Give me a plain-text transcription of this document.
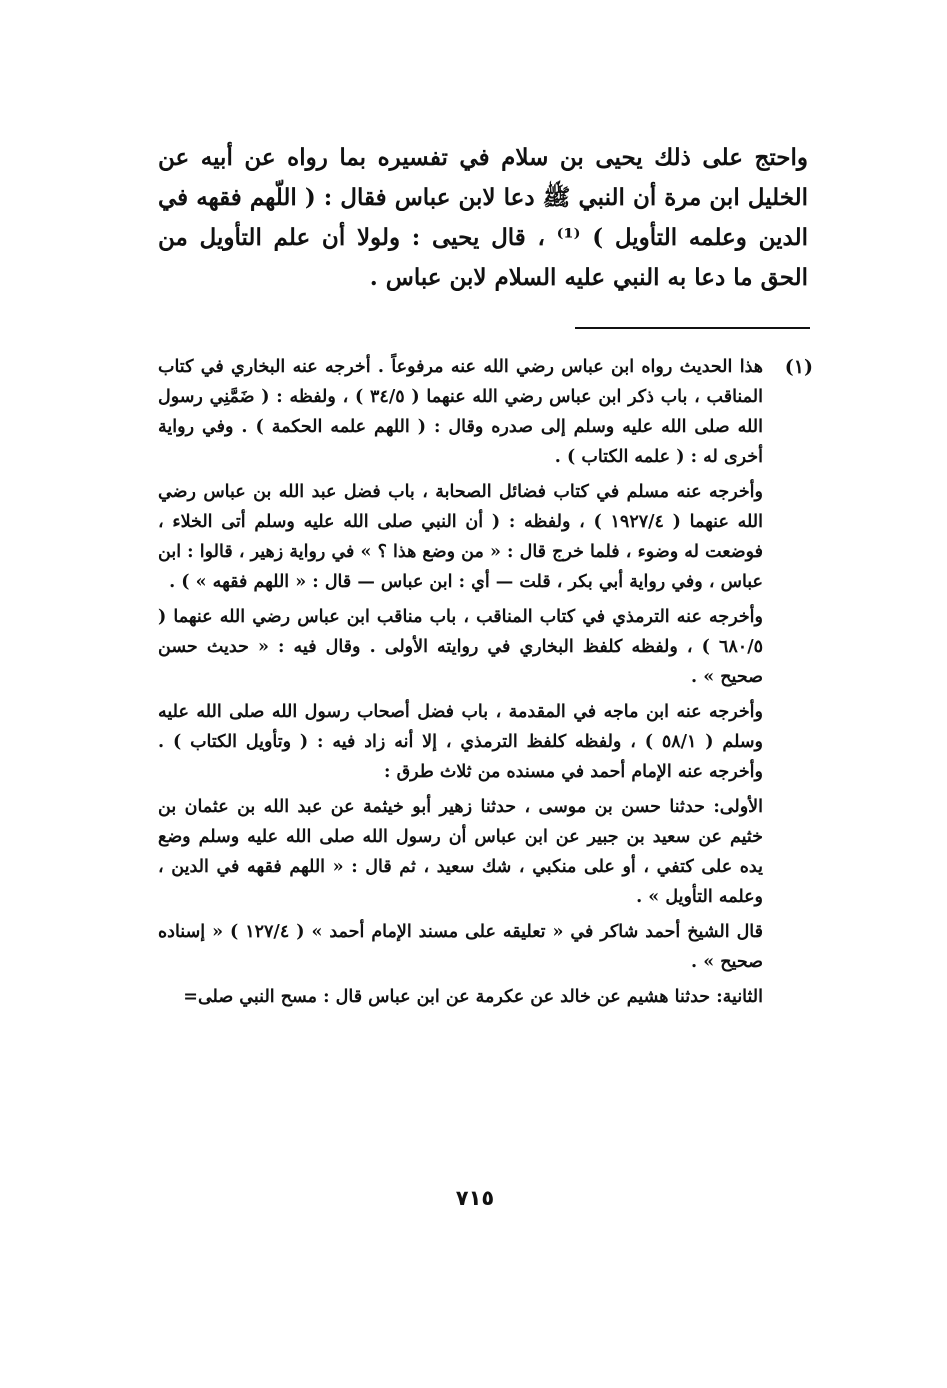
واحتج على ذلك يحيى بن سلام في تفسيره بما رواه عن أبيه عن الخليل ابن مرة أن النبي ﷺ دعا لابن عباس فقال : ( اللّهم فقهه في الدين وعلمه التأويل ) ⁽¹⁾ ، قال يحيى : ولولا أن علم التأويل من الحق ما دعا به النبي عليه السلام لابن عباس .

(١)

هذا الحديث رواه ابن عباس رضي الله عنه مرفوعاً . أخرجه عنه البخاري في كتاب المناقب ، باب ذكر ابن عباس رضي الله عنهما ( ٣٤/٥ ) ، ولفظه : ( ضَمَّنِي رسول الله صلى الله عليه وسلم إلى صدره وقال : ( اللهم علمه الحكمة ) . وفي رواية أخرى له : ( علمه الكتاب ) .

وأخرجه عنه مسلم في كتاب فضائل الصحابة ، باب فضل عبد الله بن عباس رضي الله عنهما ( ١٩٢٧/٤ ) ، ولفظه : ( أن النبي صلى الله عليه وسلم أتى الخلاء ، فوضعت له وضوء ، فلما خرج قال : « من وضع هذا ؟ » في رواية زهير ، قالوا : ابن عباس ، وفي رواية أبي بكر ، قلت — أي : ابن عباس — قال : « اللهم فقهه » ) .

وأخرجه عنه الترمذي في كتاب المناقب ، باب مناقب ابن عباس رضي الله عنهما ( ٦٨٠/٥ ) ، ولفظه كلفظ البخاري في روايته الأولى . وقال فيه : « حديث حسن صحيح » .

وأخرجه عنه ابن ماجه في المقدمة ، باب فضل أصحاب رسول الله صلى الله عليه وسلم ( ٥٨/١ ) ، ولفظه كلفظ الترمذي ، إلا أنه زاد فيه : ( وتأويل الكتاب ) . وأخرجه عنه الإمام أحمد في مسنده من ثلاث طرق :

الأولى: حدثنا حسن بن موسى ، حدثنا زهير أبو خيثمة عن عبد الله بن عثمان بن خثيم عن سعيد بن جبير عن ابن عباس أن رسول الله صلى الله عليه وسلم وضع يده على كتفي ، أو على منكبي ، شك سعيد ، ثم قال : « اللهم فقهه في الدين ، وعلمه التأويل » .

قال الشيخ أحمد شاكر في « تعليقه على مسند الإمام أحمد » ( ١٢٧/٤ ) « إسناده صحيح » .

الثانية: حدثنا هشيم عن خالد عن عكرمة عن ابن عباس قال : مسح النبي صلى=

٧١٥
